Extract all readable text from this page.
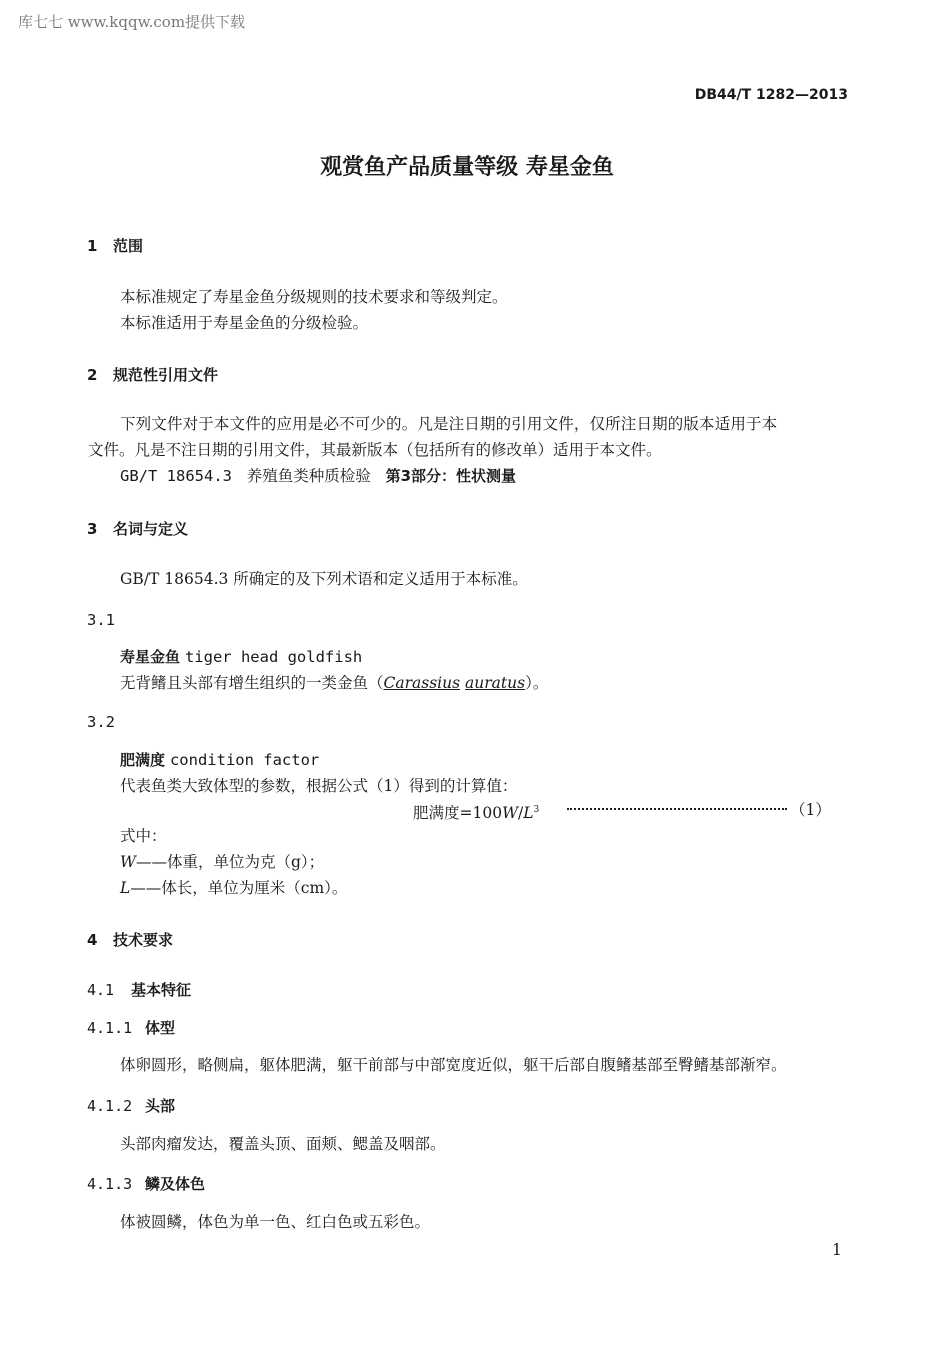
库七七 www.kqqw.com提供下载
DB44/T 1282—2013
观赏鱼产品质量等级 寿星金鱼
1 范围
本标准规定了寿星金鱼分级规则的技术要求和等级判定。
本标准适用于寿星金鱼的分级检验。
2 规范性引用文件
下列文件对于本文件的应用是必不可少的。凡是注日期的引用文件，仅所注日期的版本适用于本
文件。凡是不注日期的引用文件，其最新版本（包括所有的修改单）适用于本文件。
GB/T 18654.3 养殖鱼类种质检验 第3部分：性状测量
3 名词与定义
GB/T 18654.3 所确定的及下列术语和定义适用于本标准。
3.1
寿星金鱼 tiger head goldfish
无背鳍且头部有增生组织的一类金鱼（Carassius auratus）。
3.2
肥满度 condition factor
代表鱼类大致体型的参数，根据公式（1）得到的计算值：
肥满度$=100W/L^3$	（1）
式中：
W——体重，单位为克（g）；
L——体长，单位为厘米（cm）。
4 技术要求
4.1 基本特征
4.1.1 体型
体卵圆形，略侧扁，躯体肥满，躯干前部与中部宽度近似，躯干后部自腹鳍基部至臀鳍基部渐窄。
4.1.2 头部
头部肉瘤发达，覆盖头顶、面颊、鳃盖及咽部。
4.1.3 鳞及体色
体被圆鳞，体色为单一色、红白色或五彩色。
1
